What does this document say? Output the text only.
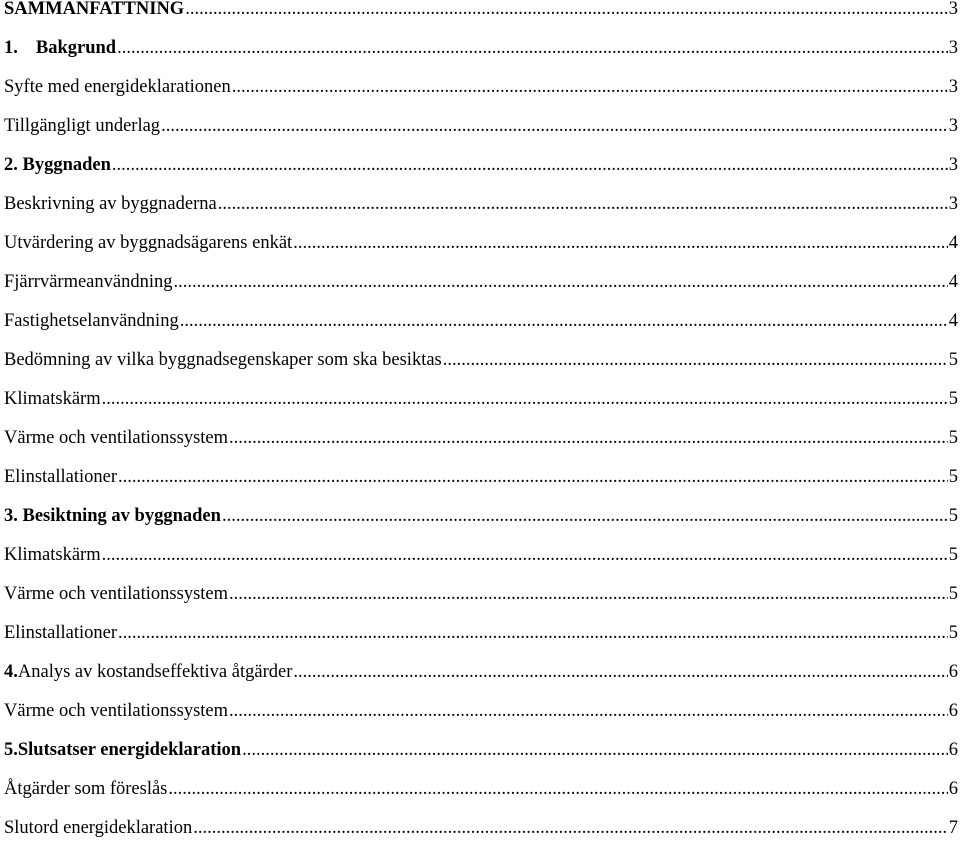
SAMMANFATTNING .....	3
1. Bakgrund .....	3
Syfte med energideklarationen .....	3
Tillgängligt underlag .....	3
2. Byggnaden .....	3
Beskrivning av byggnaderna .....	3
Utvärdering av byggnadsägarens enkät .....	4
Fjärrvärmeanvändning .....	4
Fastighetselanvändning .....	4
Bedömning av vilka byggnadsegenskaper som ska besiktas .....	5
Klimatskärm .....	5
Värme och ventilationssystem .....	5
Elinstallationer .....	5
3. Besiktning av byggnaden .....	5
Klimatskärm .....	5
Värme och ventilationssystem .....	5
Elinstallationer .....	5
4.Analys av kostandseffektiva åtgärder .....	6
Värme och ventilationssystem .....	6
5.Slutsatser energideklaration .....	6
Åtgärder som föreslås .....	6
Slutord energideklaration .....	7
